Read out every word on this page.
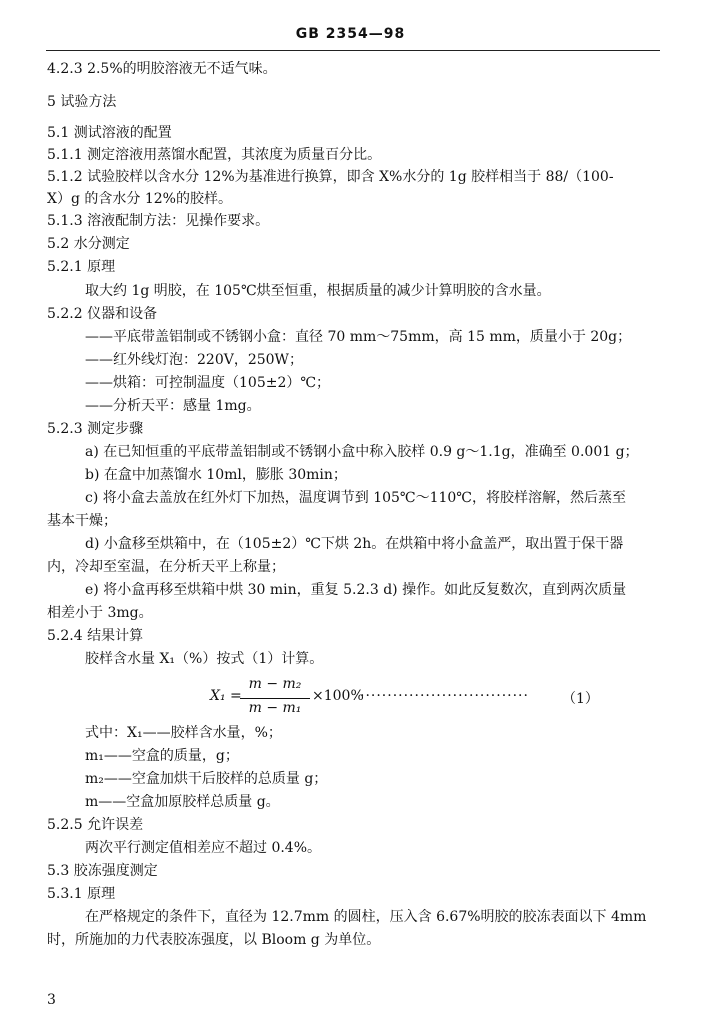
GB 2354—98
4.2.3 2.5%的明胶溶液无不适气味。
5 试验方法
5.1 测试溶液的配置
5.1.1 测定溶液用蒸馏水配置，其浓度为质量百分比。
5.1.2 试验胶样以含水分 12%为基准进行换算，即含 X%水分的 1g 胶样相当于 88/（100-
X）g 的含水分 12%的胶样。
5.1.3 溶液配制方法：见操作要求。
5.2 水分测定
5.2.1 原理
取大约 1g 明胶，在 105℃烘至恒重，根据质量的减少计算明胶的含水量。
5.2.2 仪器和设备
——平底带盖铝制或不锈钢小盒：直径 70 mm～75mm，高 15 mm，质量小于 20g；
——红外线灯泡：220V，250W；
——烘箱：可控制温度（105±2）℃；
——分析天平：感量 1mg。
5.2.3 测定步骤
a) 在已知恒重的平底带盖铝制或不锈钢小盒中称入胶样 0.9 g～1.1g，准确至 0.001 g；
b) 在盒中加蒸馏水 10ml，膨胀 30min；
c) 将小盒去盖放在红外灯下加热，温度调节到 105℃～110℃，将胶样溶解，然后蒸至
基本干燥；
d) 小盒移至烘箱中，在（105±2）℃下烘 2h。在烘箱中将小盒盖严，取出置于保干器
内，冷却至室温，在分析天平上称量；
e) 将小盒再移至烘箱中烘 30 min，重复 5.2.3 d) 操作。如此反复数次，直到两次质量
相差小于 3mg。
5.2.4 结果计算
胶样含水量 X₁（%）按式（1）计算。
式中：X₁——胶样含水量，%；
m₁——空盒的质量，g；
m₂——空盒加烘干后胶样的总质量 g；
m——空盒加原胶样总质量 g。
5.2.5 允许误差
两次平行测定值相差应不超过 0.4%。
5.3 胶冻强度测定
5.3.1 原理
在严格规定的条件下，直径为 12.7mm 的圆柱，压入含 6.67%明胶的胶冻表面以下 4mm
时，所施加的力代表胶冻强度，以 Bloom g 为单位。
X₁ =
m − m₂
m − m₁
×100%
······························· （1）
3
